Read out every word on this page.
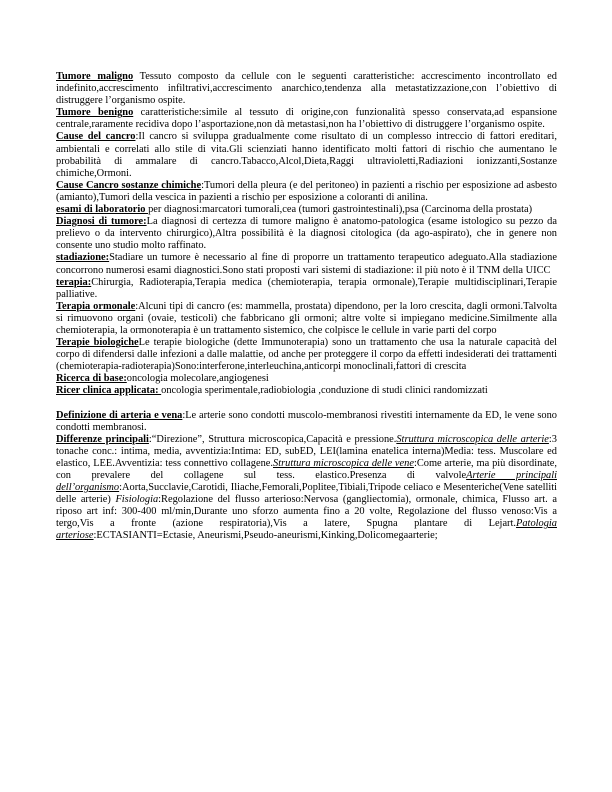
Tumore maligno Tessuto composto da cellule con le seguenti caratteristiche: accrescimento incontrollato ed indefinito,accrescimento infiltrativi,accrescimento anarchico,tendenza alla metastatizzazione,con l’obiettivo di distruggere l’organismo ospite.

Tumore benigno caratteristiche:simile al tessuto di origine,con funzionalità spesso conservata,ad espansione centrale,raramente recidiva dopo l’asportazione,non dà metastasi,non ha l’obiettivo di distruggere l’organismo ospite.

Cause del cancro:Il cancro si sviluppa gradualmente come risultato di un complesso intreccio di fattori ereditari, ambientali e correlati allo stile di vita.Gli scienziati hanno identificato molti fattori di rischio che aumentano le probabilità di ammalare di cancro.Tabacco,Alcol,Dieta,Raggi ultravioletti,Radiazioni ionizzanti,Sostanze chimiche,Ormoni.

Cause Cancro sostanze chimiche:Tumori della pleura (e del peritoneo) in pazienti a rischio per esposizione ad asbesto (amianto),Tumori della vescica in pazienti a rischio per esposizione a coloranti di anilina.

esami di laboratorio per diagnosi:marcatori tumorali,cea (tumori gastrointestinali),psa (Carcinoma della prostata)

Diagnosi di tumore:La diagnosi di certezza di tumore maligno è anatomo-patologica (esame istologico su pezzo da prelievo o da intervento chirurgico),Altra possibilità è la diagnosi citologica (da ago-aspirato), che in genere non consente uno studio molto raffinato.

stadiazione:Stadiare un tumore è necessario al fine di proporre un trattamento terapeutico adeguato.Alla stadiazione concorrono numerosi esami diagnostici.Sono stati proposti vari sistemi di stadiazione: il più noto è il TNM della UICC

terapia:Chirurgia, Radioterapia,Terapia medica (chemioterapia, terapia ormonale),Terapie multidisciplinari,Terapie palliative.

Terapia ormonale:Alcuni tipi di cancro (es: mammella, prostata) dipendono, per la loro crescita, dagli ormoni.Talvolta si rimuovono organi (ovaie, testicoli) che fabbricano gli ormoni; altre volte si impiegano medicine.Similmente alla chemioterapia, la ormonoterapia è un trattamento sistemico, che colpisce le cellule in varie parti del corpo

Terapie biologicheLe terapie biologiche (dette Immunoterapia) sono un trattamento che usa la naturale capacità del corpo di difendersi dalle infezioni a dalle malattie, od anche per proteggere il corpo da effetti indesiderati dei trattamenti (chemioterapia-radioterapia)Sono:interferone,interleuchina,anticorpi monoclinali,fattori di crescita

Ricerca di base:oncologia molecolare,angiogenesi

Ricer clinica applicata: oncologia sperimentale,radiobiologia ,conduzione di studi clinici randomizzati

Definizione di arteria e vena:Le arterie sono condotti muscolo-membranosi rivestiti internamente da ED, le vene sono condotti membranosi.

Differenze principali:“Direzione”, Struttura microscopica,Capacità e pressione.Struttura microscopica delle arterie:3 tonache conc.: intima, media, avventizia:Intima: ED, subED, LEI(lamina enatelica interna)Media: tess. Muscolare ed elastico, LEE.Avventizia: tess connettivo collagene.Struttura microscopica delle vene:Come arterie, ma più disordinate, con prevalere del collagene sul tess. elastico.Presenza di valvoleArterie principali dell’organismo:Aorta,Succlavie,Carotidi, Iliache,Femorali,Poplitee,Tibiali,Tripode celiaco e Mesenteriche(Vene satelliti delle arterie) Fisiologia:Regolazione del flusso arterioso:Nervosa (gangliectomia), ormonale, chimica, Flusso art. a riposo art inf: 300-400 ml/min,Durante uno sforzo aumenta fino a 20 volte, Regolazione del flusso venoso:Vis a tergo,Vis a fronte (azione respiratoria),Vis a latere, Spugna plantare di Lejart.Patologia arteriose:ECTASIANTI=Ectasie, Aneurismi,Pseudo-aneurismi,Kinking,Dolicomegaarterie;
